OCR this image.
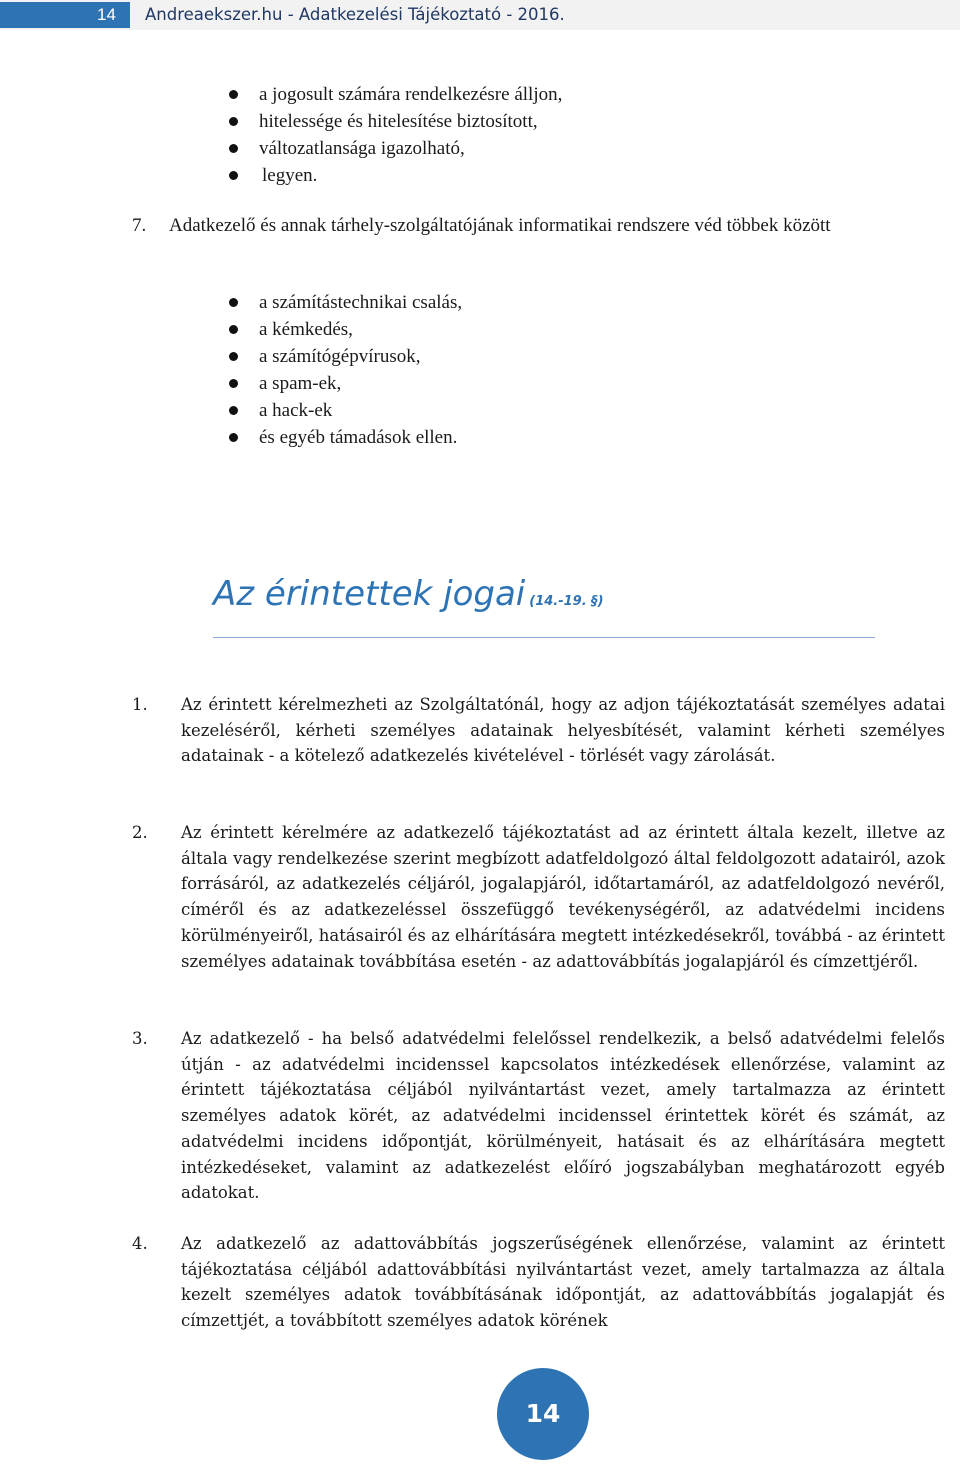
14	Andreaekszer.hu - Adatkezelési Tájékoztató - 2016.
a jogosult számára rendelkezésre álljon,
hitelessége és hitelesítése biztosított,
változatlansága igazolható,
legyen.
7. Adatkezelő és annak tárhely-szolgáltatójának informatikai rendszere véd többek között
a számítástechnikai csalás,
a kémkedés,
a számítógépvírusok,
a spam-ek,
a hack-ek
és egyéb támadások ellen.
Az érintettek jogai (14.-19. §)
1. Az érintett kérelmezheti az Szolgáltatónál, hogy az adjon tájékoztatását személyes adatai kezeléséről, kérheti személyes adatainak helyesbítését, valamint kérheti személyes adatainak - a kötelező adatkezelés kivételével - törlését vagy zárolását.
2. Az érintett kérelmére az adatkezelő tájékoztatást ad az érintett általa kezelt, illetve az általa vagy rendelkezése szerint megbízott adatfeldolgozó által feldolgozott adatairól, azok forrásáról, az adatkezelés céljáról, jogalapjáról, időtartamáról, az adatfeldolgozó nevéről, címéről és az adatkezeléssel összefüggő tevékenységéről, az adatvédelmi incidens körülményeiről, hatásairól és az elhárítására megtett intézkedésekről, továbbá - az érintett személyes adatainak továbbítása esetén - az adattovábbítás jogalapjáról és címzettjéről.
3. Az adatkezelő - ha belső adatvédelmi felelőssel rendelkezik, a belső adatvédelmi felelős útján - az adatvédelmi incidenssel kapcsolatos intézkedések ellenőrzése, valamint az érintett tájékoztatása céljából nyilvántartást vezet, amely tartalmazza az érintett személyes adatok körét, az adatvédelmi incidenssel érintettek körét és számát, az adatvédelmi incidens időpontját, körülményeit, hatásait és az elhárítására megtett intézkedéseket, valamint az adatkezelést előíró jogszabályban meghatározott egyéb adatokat.
4. Az adatkezelő az adattovábbítás jogszerűségének ellenőrzése, valamint az érintett tájékoztatása céljából adattovábbítási nyilvántartást vezet, amely tartalmazza az általa kezelt személyes adatok továbbításának időpontját, az adattovábbítás jogalapját és címzettjét, a továbbított személyes adatok körének
14
